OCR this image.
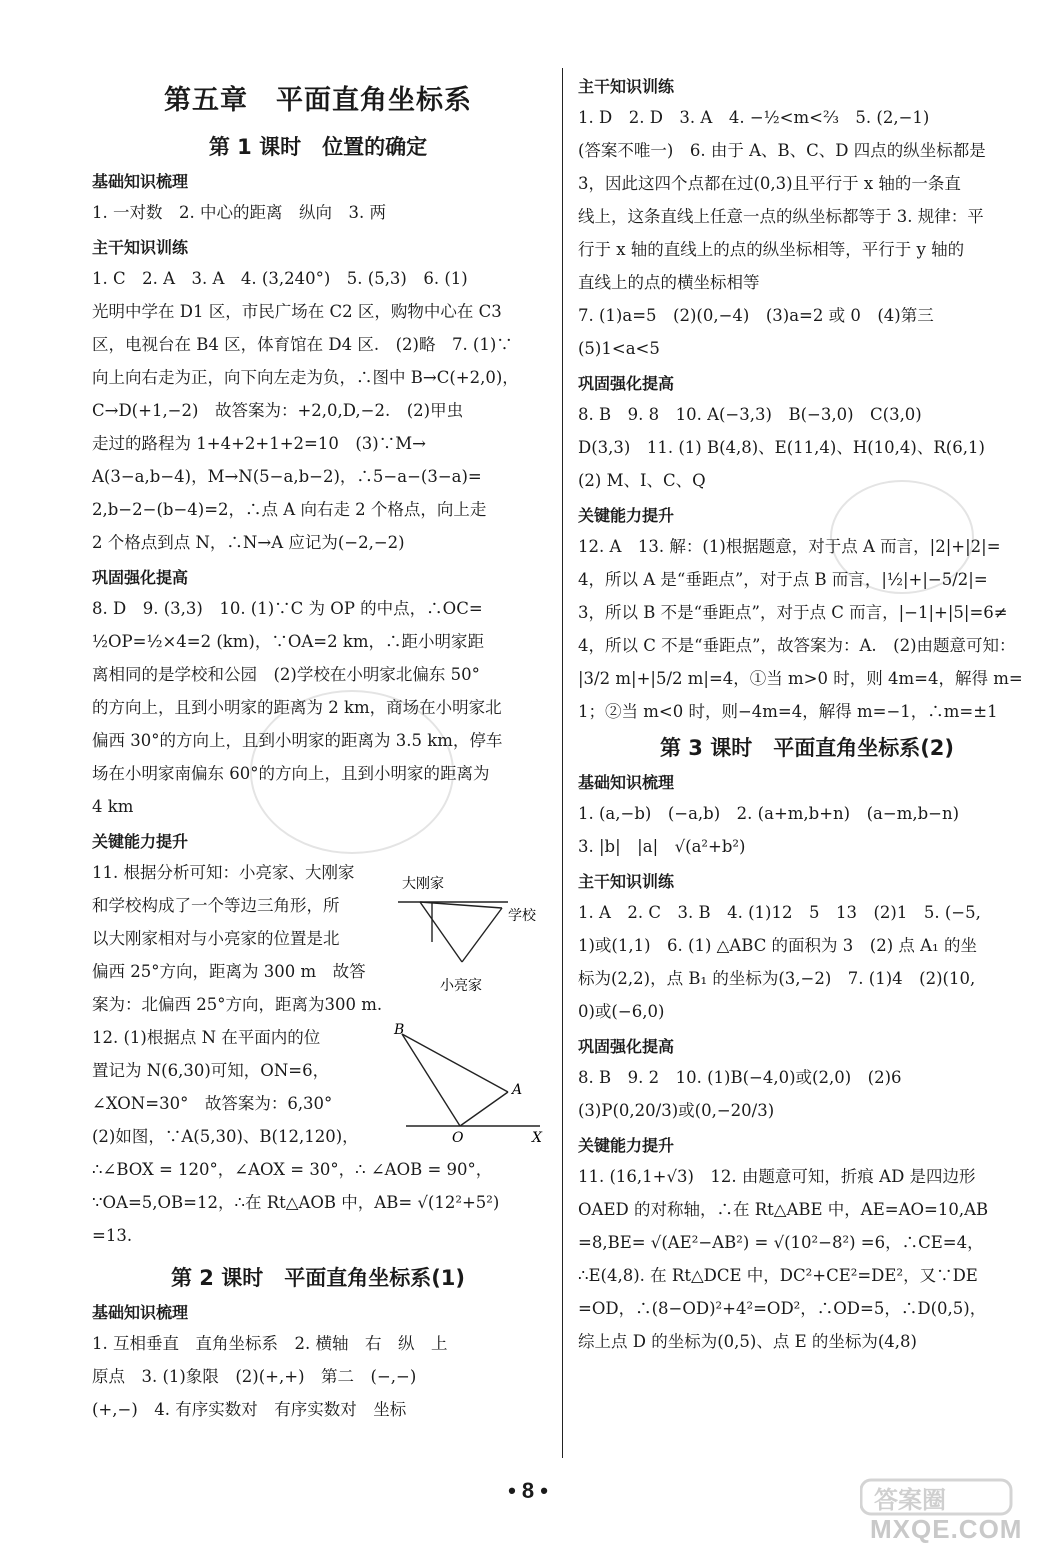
第五章　平面直角坐标系
第 1 课时　位置的确定
基础知识梳理

1. 一对数　2. 中心的距离　纵向　3. 两

主干知识训练

1. C　2. A　3. A　4. (3,240°)　5. (5,3)　6. (1)

光明中学在 D1 区，市民广场在 C2 区，购物中心在 C3

区，电视台在 B4 区，体育馆在 D4 区.　(2)略　7. (1)∵

向上向右走为正，向下向左走为负，∴图中 B→C(+2,0)，

C→D(+1,−2)　故答案为：+2,0,D,−2.　(2)甲虫

走过的路程为 1+4+2+1+2=10　(3)∵M→

A(3−a,b−4)，M→N(5−a,b−2)，∴5−a−(3−a)=

2,b−2−(b−4)=2，∴点 A 向右走 2 个格点，向上走

2 个格点到点 N，∴N→A 应记为(−2,−2)

巩固强化提高

8. D　9. (3,3)　10. (1)∵C 为 OP 的中点，∴OC=

½OP=½×4=2 (km)，∵OA=2 km，∴距小明家距

离相同的是学校和公园　(2)学校在小明家北偏东 50°

的方向上，且到小明家的距离为 2 km，商场在小明家北

偏西 30°的方向上，且到小明家的距离为 3.5 km，停车

场在小明家南偏东 60°的方向上，且到小明家的距离为

4 km

关键能力提升

11. 根据分析可知：小亮家、大刚家

和学校构成了一个等边三角形，所

以大刚家相对与小亮家的位置是北

偏西 25°方向，距离为 300 m　故答

案为：北偏西 25°方向，距离为300 m.

12. (1)根据点 N 在平面内的位

置记为 N(6,30)可知，ON=6，

∠XON=30°　故答案为：6,30°

(2)如图，∵A(5,30)、B(12,120)，

∴∠BOX = 120°，∠AOX = 30°，∴ ∠AOB = 90°，

∵OA=5,OB=12，∴在 Rt△AOB 中，AB= √(12²+5²)

=13.

第 2 课时　平面直角坐标系(1)
基础知识梳理

1. 互相垂直　直角坐标系　2. 横轴　右　纵　上

原点　3. (1)象限　(2)(+,+)　第二　(−,−)

(+,−)　4. 有序实数对　有序实数对　坐标

大刚家
学校
小亮家
B
A
O	X
主干知识训练

1. D　2. D　3. A　4. −½<m<⅔　5. (2,−1)

(答案不唯一)　6. 由于 A、B、C、D 四点的纵坐标都是

3，因此这四个点都在过(0,3)且平行于 x 轴的一条直

线上，这条直线上任意一点的纵坐标都等于 3. 规律：平

行于 x 轴的直线上的点的纵坐标相等，平行于 y 轴的

直线上的点的横坐标相等

7. (1)a=5　(2)(0,−4)　(3)a=2 或 0　(4)第三

(5)1<a<5

巩固强化提高

8. B　9. 8　10. A(−3,3)　B(−3,0)　C(3,0)

D(3,3)　11. (1) B(4,8)、E(11,4)、H(10,4)、R(6,1)

(2) M、I、C、Q

关键能力提升

12. A　13. 解：(1)根据题意，对于点 A 而言，|2|+|2|=

4，所以 A 是“垂距点”，对于点 B 而言，|½|+|−5/2|=

3，所以 B 不是“垂距点”，对于点 C 而言，|−1|+|5|=6≠

4，所以 C 不是“垂距点”，故答案为：A.　(2)由题意可知：

|3/2 m|+|5/2 m|=4，①当 m>0 时，则 4m=4，解得 m=

1；②当 m<0 时，则−4m=4，解得 m=−1，∴m=±1

第 3 课时　平面直角坐标系(2)
基础知识梳理

1. (a,−b)　(−a,b)　2. (a+m,b+n)　(a−m,b−n)

3. |b|　|a|　√(a²+b²)

主干知识训练

1. A　2. C　3. B　4. (1)12　5　13　(2)1　5. (−5,

1)或(1,1)　6. (1) △ABC 的面积为 3　(2) 点 A₁ 的坐

标为(2,2)，点 B₁ 的坐标为(3,−2)　7. (1)4　(2)(10,

0)或(−6,0)

巩固强化提高

8. B　9. 2　10. (1)B(−4,0)或(2,0)　(2)6

(3)P(0,20/3)或(0,−20/3)

关键能力提升

11. (16,1+√3)　12. 由题意可知，折痕 AD 是四边形

OAED 的对称轴，∴在 Rt△ABE 中，AE=AO=10,AB

=8,BE= √(AE²−AB²) = √(10²−8²) =6，∴CE=4，

∴E(4,8). 在 Rt△DCE 中，DC²+CE²=DE²，又∵DE

=OD，∴(8−OD)²+4²=OD²，∴OD=5，∴D(0,5)，

综上点 D 的坐标为(0,5)、点 E 的坐标为(4,8)

• 8 •	答案圈
MXQE.COM
